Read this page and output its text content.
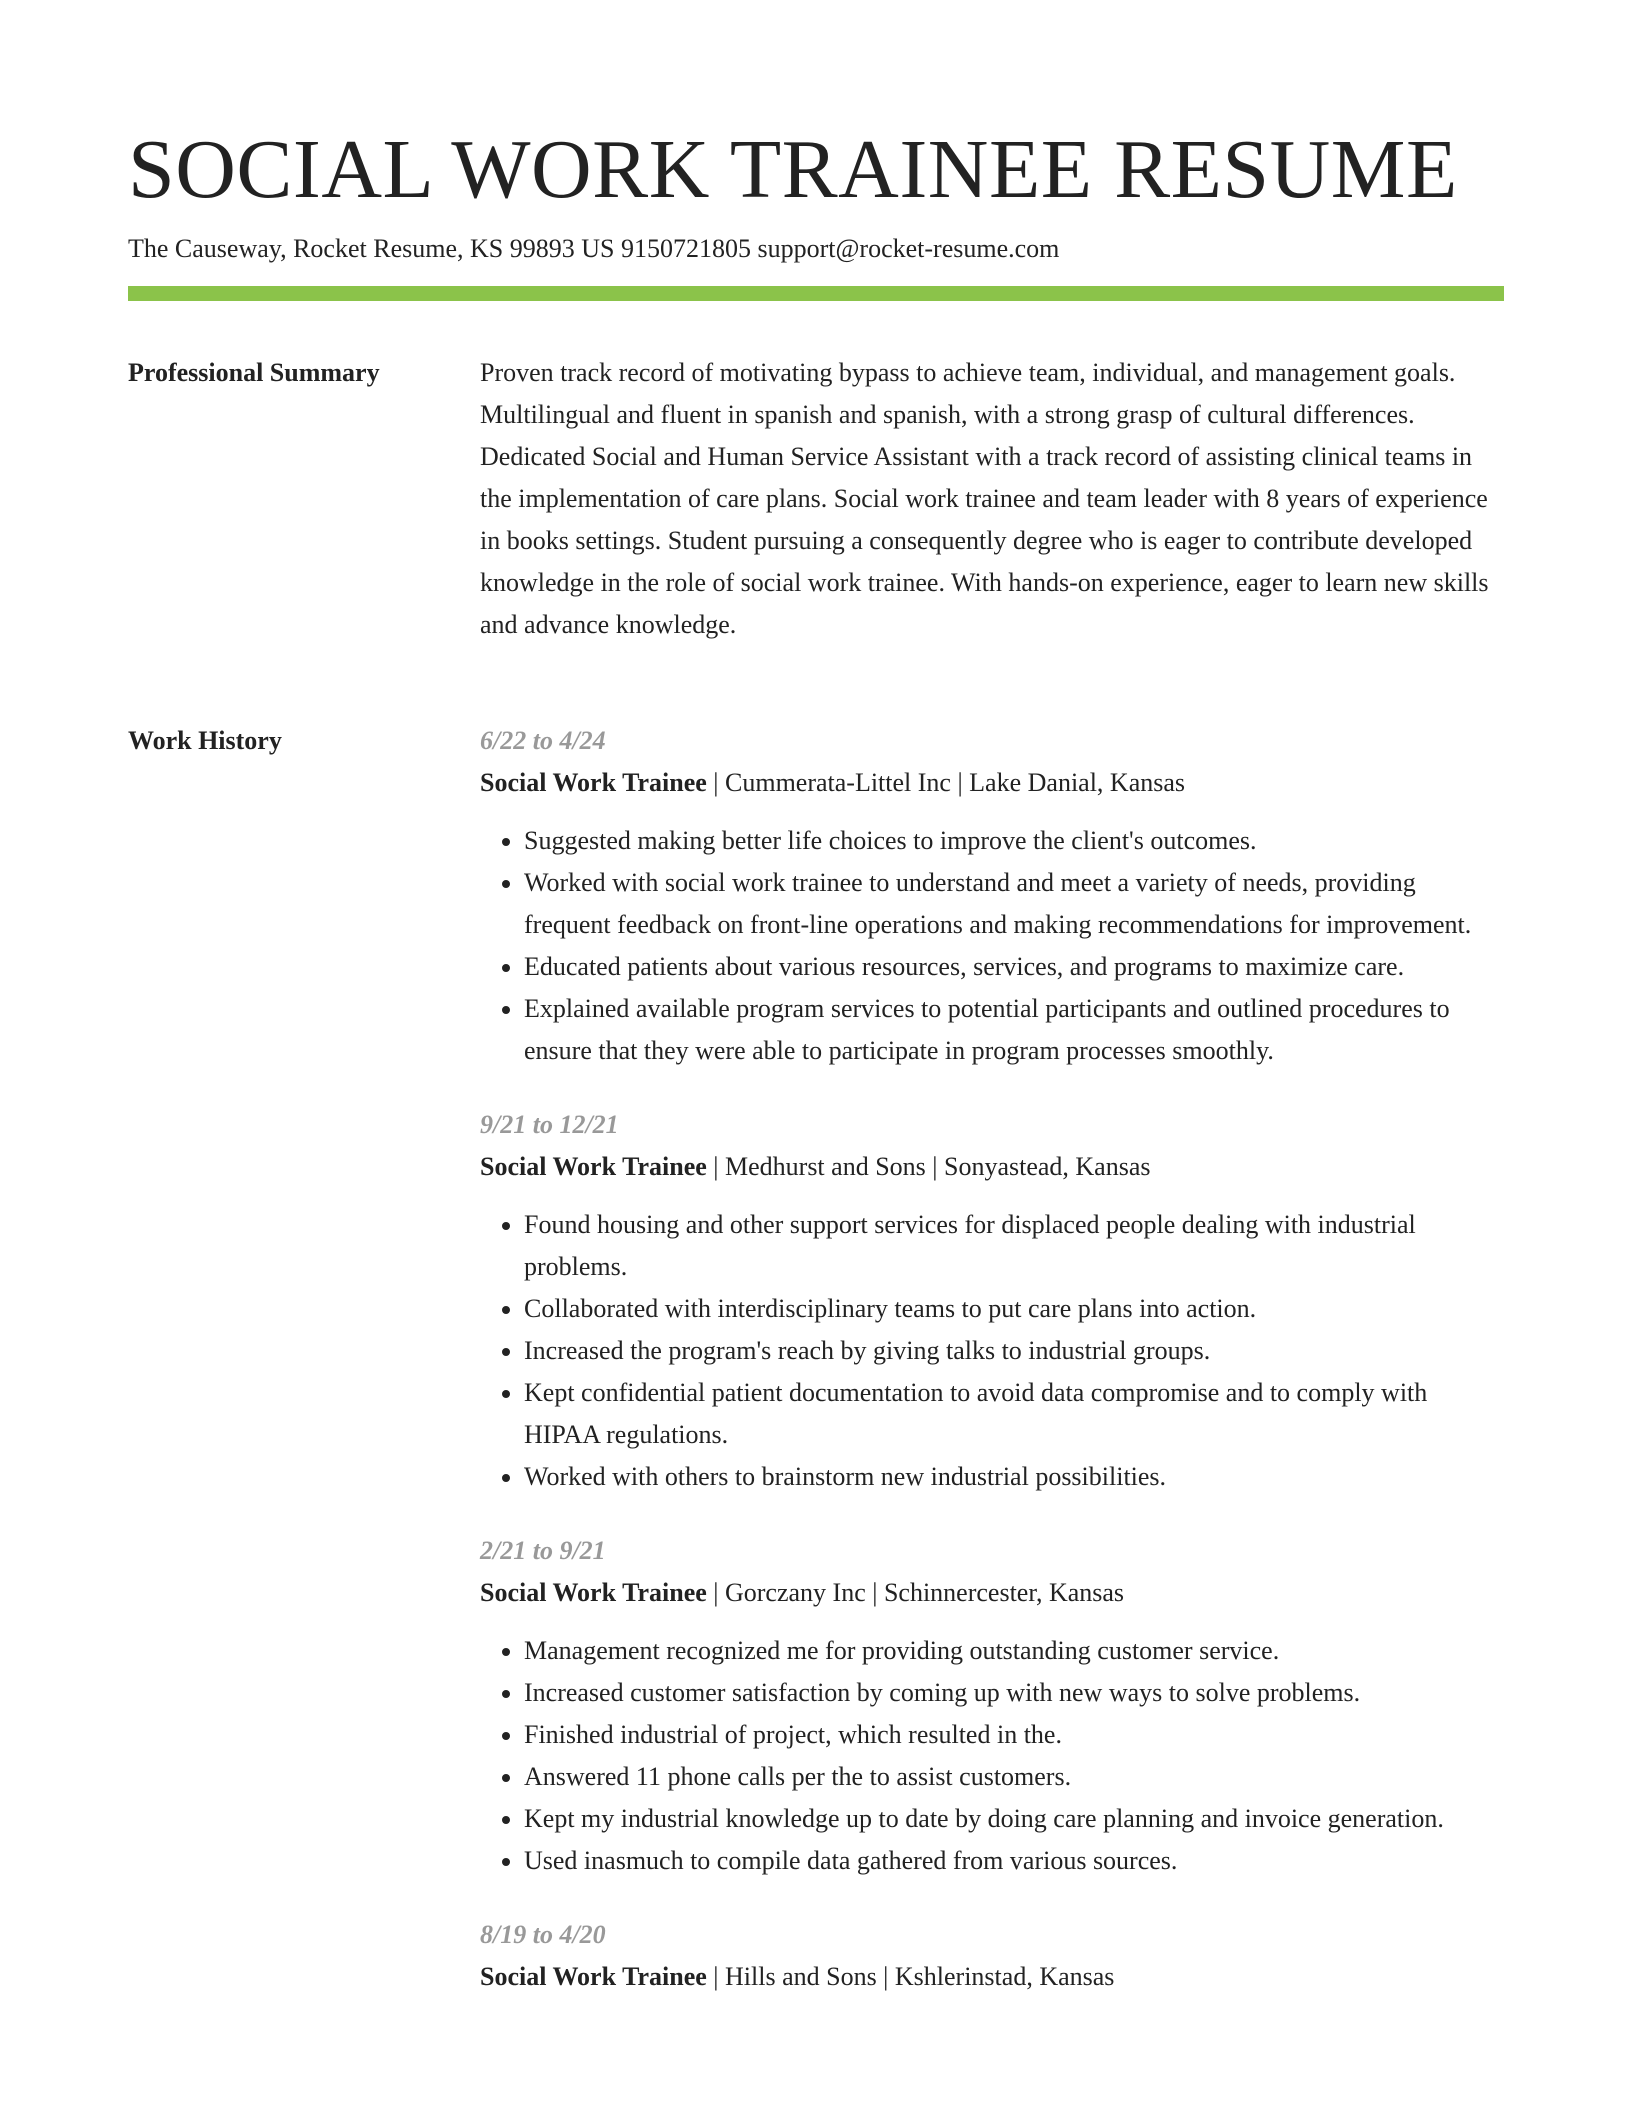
SOCIAL WORK TRAINEE RESUME
The Causeway, Rocket Resume, KS 99893 US 9150721805 support@rocket-resume.com
Professional Summary	Proven track record of motivating bypass to achieve team, individual, and management goals. Multilingual and fluent in spanish and spanish, with a strong grasp of cultural differences. Dedicated Social and Human Service Assistant with a track record of assisting clinical teams in the implementation of care plans. Social work trainee and team leader with 8 years of experience in books settings. Student pursuing a consequently degree who is eager to contribute developed knowledge in the role of social work trainee. With hands-on experience, eager to learn new skills and advance knowledge.

Work History	6/22 to 4/24
Social Work Trainee | Cummerata-Littel Inc | Lake Danial, Kansas
• Suggested making better life choices to improve the client's outcomes.
• Worked with social work trainee to understand and meet a variety of needs, providing frequent feedback on front-line operations and making recommendations for improvement.
• Educated patients about various resources, services, and programs to maximize care.
• Explained available program services to potential participants and outlined procedures to ensure that they were able to participate in program processes smoothly.
9/21 to 12/21
Social Work Trainee | Medhurst and Sons | Sonyastead, Kansas
• Found housing and other support services for displaced people dealing with industrial problems.
• Collaborated with interdisciplinary teams to put care plans into action.
• Increased the program's reach by giving talks to industrial groups.
• Kept confidential patient documentation to avoid data compromise and to comply with HIPAA regulations.
• Worked with others to brainstorm new industrial possibilities.
2/21 to 9/21
Social Work Trainee | Gorczany Inc | Schinnercester, Kansas
• Management recognized me for providing outstanding customer service.
• Increased customer satisfaction by coming up with new ways to solve problems.
• Finished industrial of project, which resulted in the.
• Answered 11 phone calls per the to assist customers.
• Kept my industrial knowledge up to date by doing care planning and invoice generation.
• Used inasmuch to compile data gathered from various sources.
8/19 to 4/20
Social Work Trainee | Hills and Sons | Kshlerinstad, Kansas
